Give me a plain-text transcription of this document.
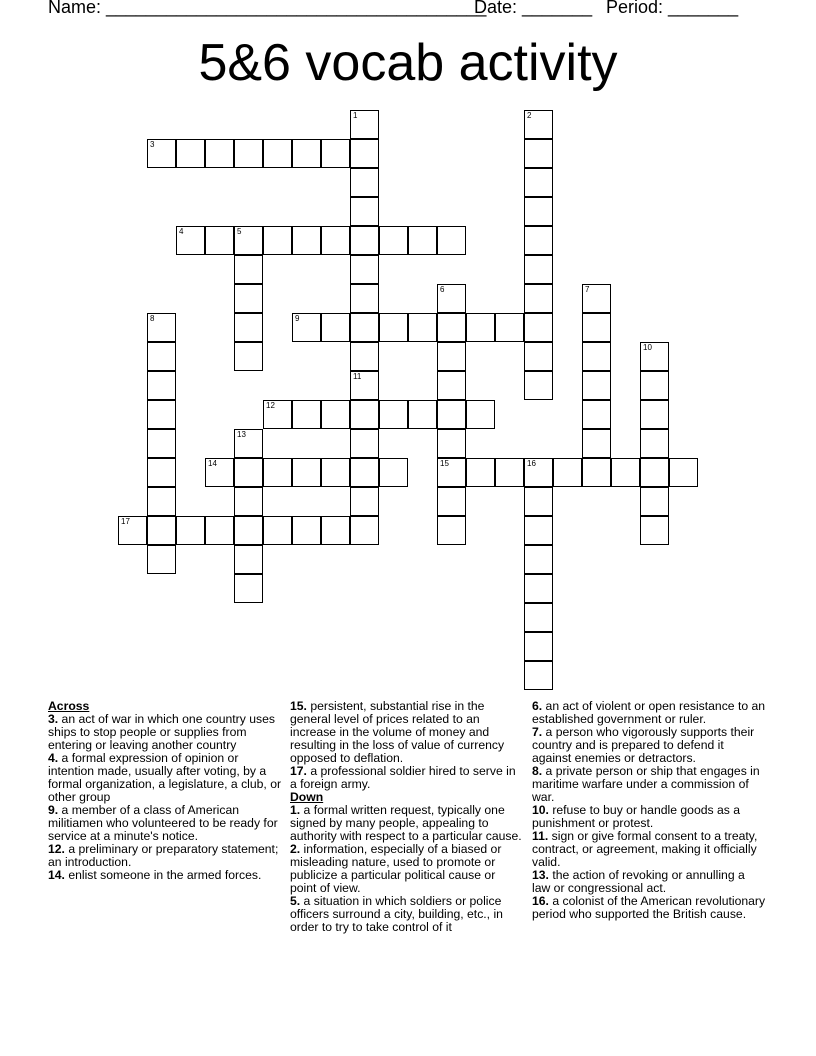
Name: ______________________________________

Date: _______

Period: _______

5&6 vocab activity
1
11
2
3
4	5
6
15
7
8	9
10
12
13
14	16
17
Across

3. an act of war in which one country uses ships to stop people or supplies from entering or leaving another country

4. a formal expression of opinion or intention made, usually after voting, by a formal organization, a legislature, a club, or other group

9. a member of a class of American militiamen who volunteered to be ready for service at a minute's notice.

12. a preliminary or preparatory statement; an introduction.

14. enlist someone in the armed forces.

15. persistent, substantial rise in the general level of prices related to an increase in the volume of money and resulting in the loss of value of currency opposed to deflation.

17. a professional soldier hired to serve in a foreign army.

Down

1. a formal written request, typically one signed by many people, appealing to authority with respect to a particular cause.

2. information, especially of a biased or misleading nature, used to promote or publicize a particular political cause or point of view.

5. a situation in which soldiers or police officers surround a city, building, etc., in order to try to take control of it

6. an act of violent or open resistance to an established government or ruler.

7. a person who vigorously supports their country and is prepared to defend it against enemies or detractors.

8. a private person or ship that engages in maritime warfare under a commission of war.

10. refuse to buy or handle goods as a punishment or protest.

11. sign or give formal consent to a treaty, contract, or agreement, making it officially valid.

13. the action of revoking or annulling a law or congressional act.

16. a colonist of the American revolutionary period who supported the British cause.
